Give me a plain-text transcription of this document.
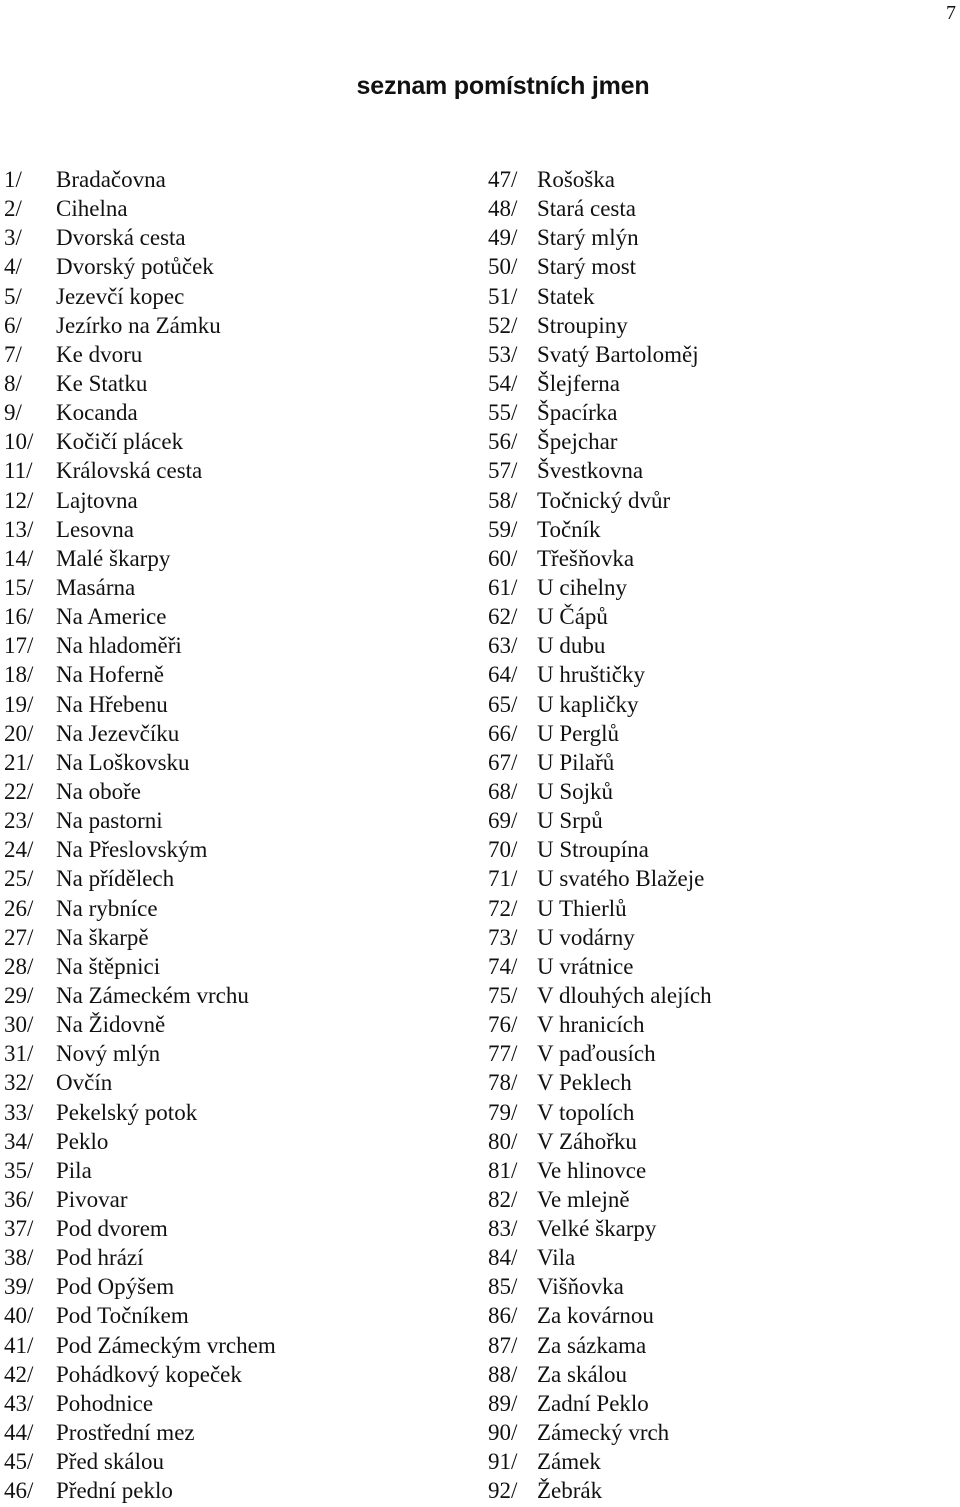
7
seznam pomístních jmen
1/	Bradačovna
2/	Cihelna
3/	Dvorská cesta
4/	Dvorský potůček
5/	Jezevčí kopec
6/	Jezírko na Zámku
7/	Ke dvoru
8/	Ke Statku
9/	Kocanda
10/ Kočičí plácek
11/	Královská cesta
12/ Lajtovna
13/ Lesovna
14/ Malé škarpy
15/ Masárna
16/ Na Americe
17/ Na hladoměři
18/ Na Hoferně
19/ Na Hřebenu
20/ Na Jezevčíku
21/ Na Loškovsku
22/ Na oboře
23/ Na pastorni
24/ Na Přeslovským
25/ Na přídělech
26/ Na rybníce
27/ Na škarpě
28/ Na štěpnici
29/ Na Zámeckém vrchu
30/ Na Židovně
31/ Nový mlýn
32/ Ovčín
33/ Pekelský potok
34/ Peklo
35/ Pila
36/ Pivovar
37/ Pod dvorem
38/ Pod hrází
39/ Pod Opýšem
40/ Pod Točníkem
41/ Pod Zámeckým vrchem
42/ Pohádkový kopeček
43/ Pohodnice
44/ Prostřední mez
45/ Před skálou
46/ Přední peklo
47/ Rošoška
48/ Stará cesta
49/ Starý mlýn
50/ Starý most
51/ Statek
52/ Stroupiny
53/ Svatý Bartoloměj
54/ Šlejferna
55/ Špacírka
56/ Špejchar
57/ Švestkovna
58/ Točnický dvůr
59/ Točník
60/ Třešňovka
61/ U cihelny
62/ U Čápů
63/ U dubu
64/ U hruštičky
65/ U kapličky
66/ U Perglů
67/ U Pilařů
68/ U Sojků
69/ U Srpů
70/ U Stroupína
71/ U svatého Blažeje
72/ U Thierlů
73/ U vodárny
74/ U vrátnice
75/ V dlouhých alejích
76/ V hranicích
77/ V paďousích
78/ V Peklech
79/ V topolích
80/ V Záhořku
81/ Ve hlinovce
82/ Ve mlejně
83/ Velké škarpy
84/ Vila
85/ Višňovka
86/ Za kovárnou
87/ Za sázkama
88/ Za skálou
89/ Zadní Peklo
90/ Zámecký vrch
91/ Zámek
92/ Žebrák
